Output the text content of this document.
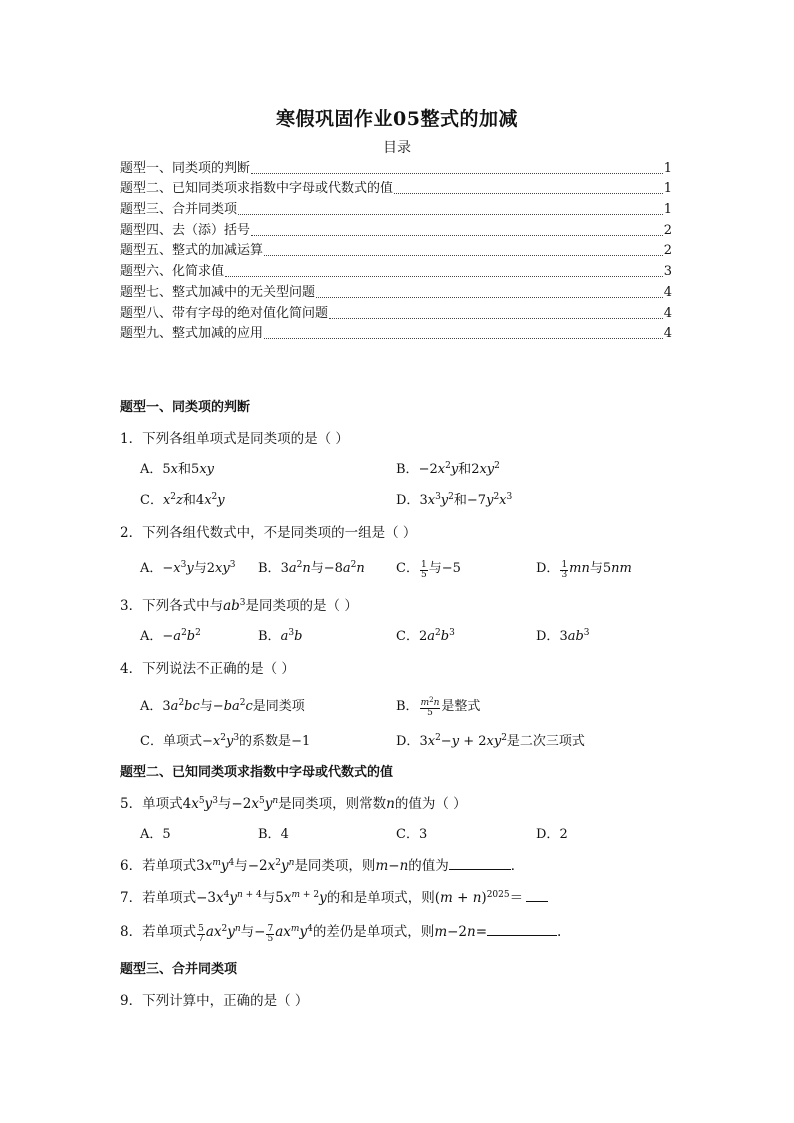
寒假巩固作业05整式的加减
目录
题型一、同类项的判断	1
题型二、已知同类项求指数中字母或代数式的值	1
题型三、合并同类项	1
题型四、去（添）括号	2
题型五、整式的加减运算	2
题型六、化简求值	3
题型七、整式加减中的无关型问题	4
题型八、带有字母的绝对值化简问题	4
题型九、整式加减的应用	4
题型一、同类项的判断
1．下列各组单项式是同类项的是（ ）
A．5x和5xy	B．$-2x^2y$和$2xy^2$
C．$x^2z$和$4x^2y$	D．$3x^3y^2$和$-7y^2x^3$
2．下列各组代数式中，不是同类项的一组是（ ）
A．$-x^3y$与$2xy^3$	B．$3a^2n$与$-8a^2n$	C． $\frac{1}{5}$ 与−5	D． $\frac{1}{3}$ mn与5nm
3．下列各式中与$ab^3$是同类项的是（ ）
A．$-a^2b^2$	B．$a^3b$	C．$2a^2b^3$	D．$3ab^3$
4．下列说法不正确的是（ ）
A．$3a^2bc$与$-ba^2c$是同类项	B． $\frac{m^2n}{5}$ 是整式
C．单项式$-x^2y^3$的系数是−1	D．$3x^2-y + 2xy^2$是二次三项式
题型二、已知同类项求指数中字母或代数式的值
5．单项式$4x^5y^3$与$-2x^5y^n$是同类项，则常数n的值为（ ）
A．5	B．4	C．3	D．2
6．若单项式$3x^my^4$与$-2x^2y^n$是同类项，则m−n的值为	．
7．若单项式$-3x^4y^{n + 4}$与$5x^{m + 2}y$的和是单项式，则$(m + n)^{2025}=$
8．若单项式 $\frac{5}{7} ax^2y^n$与− $\frac{7}{5} ax^my^4$的差仍是单项式，则m−2n=	.
题型三、合并同类项
9．下列计算中，正确的是（ ）
